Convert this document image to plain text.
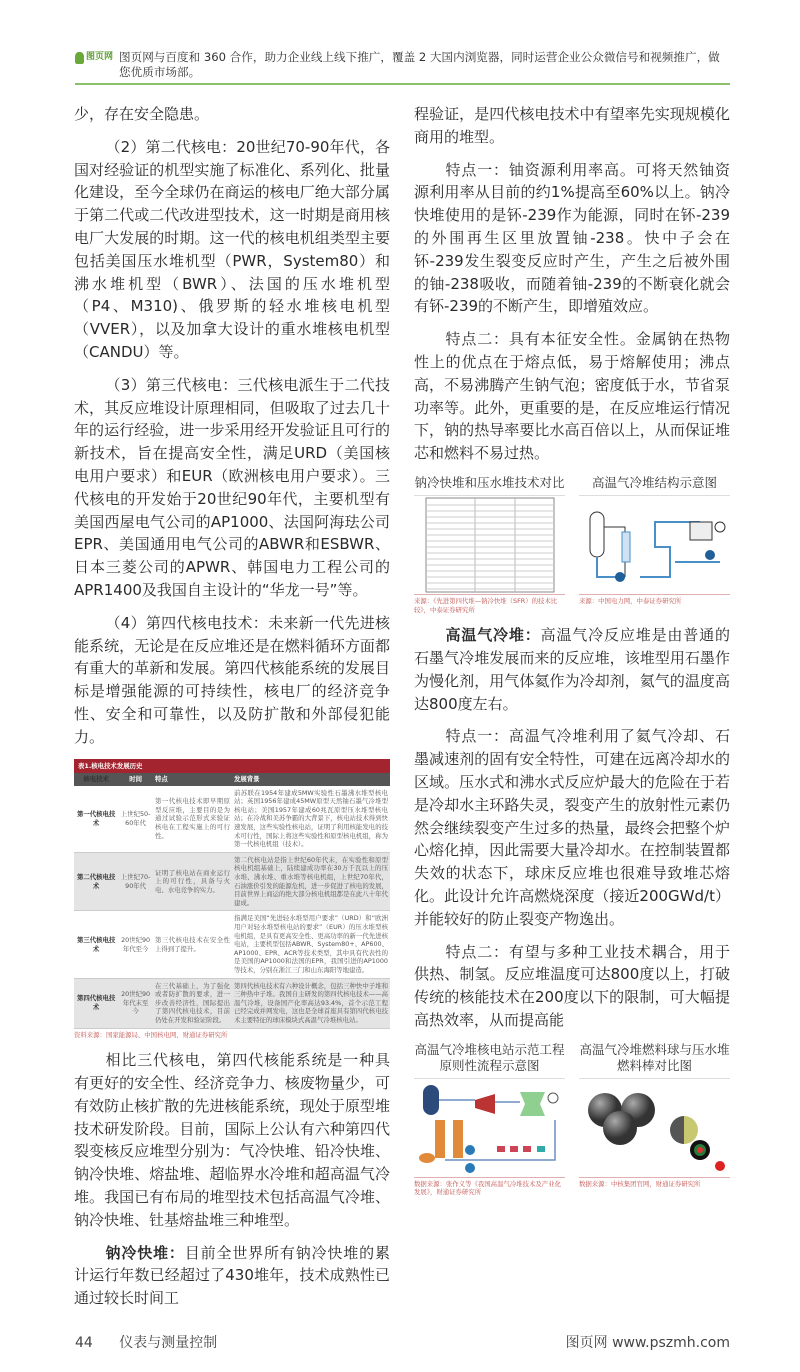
图页网 图页网与百度和 360 合作，助力企业线上线下推广，覆盖 2 大国内浏览器，同时运营企业公众微信号和视频推广，做您优质市场部。

少，存在安全隐患。

（2）第二代核电：20世纪70-90年代，各国对经验证的机型实施了标准化、系列化、批量化建设，至今全球仍在商运的核电厂绝大部分属于第二代或二代改进型技术，这一时期是商用核电厂大发展的时期。这一代的核电机组类型主要包括美国压水堆机型（PWR，System80）和沸水堆机型（BWR）、法国的压水堆机型（P4、M310)、俄罗斯的轻水堆核电机型（VVER），以及加拿大设计的重水堆核电机型（CANDU）等。

（3）第三代核电：三代核电派生于二代技术，其反应堆设计原理相同，但吸取了过去几十年的运行经验，进一步采用经开发验证且可行的新技术，旨在提高安全性，满足URD（美国核电用户要求）和EUR（欧洲核电用户要求）。三代核电的开发始于20世纪90年代，主要机型有美国西屋电气公司的AP1000、法国阿海珐公司EPR、美国通用电气公司的ABWR和ESBWR、日本三菱公司的APWR、韩国电力工程公司的APR1400及我国自主设计的“华龙一号”等。

（4）第四代核电技术：未来新一代先进核能系统，无论是在反应堆还是在燃料循环方面都有重大的革新和发展。第四代核能系统的发展目标是增强能源的可持续性，核电厂的经济竞争性、安全和可靠性，以及防扩散和外部侵犯能力。

表1.核电技术发展历史
核电技术	时间	特点	发展背景
第一代核电技术	上世纪50-60年代	第一代核电技术即早期原型反应堆，主要目的是为通过试验示范形式来验证核电在工程实施上的可行性。	前苏联在1954年建成5MW实验性石墨沸水堆型核电站；英国1956年建成45MW原型天然铀石墨气冷堆型核电站；美国1957年建成60兆瓦原型压水堆型核电站；在冷战和美苏争霸的大背景下，核电站技术得到快速发展，这些实验性核电站，证明了利用核能发电的技术可行性，国际上将这些实验性和原型核电机组，称为第一代核电机组（技术）。
第二代核电技术	上世纪70-90年代	证明了核电站在商业运行上的可行性，具备与火电、水电竞争的实力。	第二代核电站是指上世纪60年代末，在实验性和原型核电机组基础上，陆续建成功率在30万千瓦以上的压水堆、沸水堆、重水堆等核电机组，上世纪70年代，石油涨价引发的能源危机，进一步促进了核电的发展，目前世界上商运的绝大部分核电机组都是在此八十年代建成。
第三代核电技术	20世纪90年代至今	第三代核电技术在安全性上得到了提升。	指满足美国“先进轻水堆型用户要求”（URD）和“欧洲用户对轻水堆型核电站的要求”（EUR）的压水堆型核电机组，是具有更高安全性、更高功率的新一代先进核电站，主要机型包括ABWR、System80+、AP600、AP1000、EPR、ACR等技术类型，其中具有代表性的是美国的AP1000和法国的EPR，我国引进的AP1000等技术，分别在浙江三门和山东海阳等地建造。
第四代核电技术	20世纪90年代末至今	在三代基础上，为了强化或者防扩散的要求，进一步改善经济性，国际提出了第四代核电技术，目前仍处在开发和验证阶段。	第四代核电技术有六种设计概念，包括三种快中子堆和三种热中子堆。我国自主研发的第四代核电技术——高温气冷堆，设备国产化率高达93.4%，首个示范工程已经完成并网发电，这也是全球首座具有第四代核电技术主要特征的球床模块式高温气冷堆核电站。
资料来源：国家能源局、中国核电网、财通证券研究所

相比三代核电，第四代核能系统是一种具有更好的安全性、经济竞争力、核废物量少，可有效防止核扩散的先进核能系统，现处于原型堆技术研发阶段。目前，国际上公认有六种第四代裂变核反应堆型分别为：气冷快堆、铅冷快堆、钠冷快堆、熔盐堆、超临界水冷堆和超高温气冷堆。我国已有布局的堆型技术包括高温气冷堆、钠冷快堆、钍基熔盐堆三种堆型。

钠冷快堆：目前全世界所有钠冷快堆的累计运行年数已经超过了430堆年，技术成熟性已通过较长时间工

程验证，是四代核电技术中有望率先实现规模化商用的堆型。

特点一：铀资源利用率高。可将天然铀资源利用率从目前的约1%提高至60%以上。钠冷快堆使用的是钚-239作为能源，同时在钚-239的外围再生区里放置铀-238。快中子会在钚-239发生裂变反应时产生，产生之后被外围的铀-238吸收，而随着铀-239的不断衰化就会有钚-239的不断产生，即增殖效应。

特点二：具有本征安全性。金属钠在热物性上的优点在于熔点低，易于熔解使用；沸点高，不易沸腾产生钠气泡；密度低于水，节省泵功率等。此外，更重要的是，在反应堆运行情况下，钠的热导率要比水高百倍以上，从而保证堆芯和燃料不易过热。

钠冷快堆和压水堆技术对比
来源：《先进第四代堆—钠冷快堆（SFR）的技术比较》，中泰证券研究所
高温气冷堆结构示意图
来源：中国电力网，中泰证券研究所

高温气冷堆：高温气冷反应堆是由普通的石墨气冷堆发展而来的反应堆，该堆型用石墨作为慢化剂，用气体氦作为冷却剂，氦气的温度高达800度左右。

特点一：高温气冷堆利用了氦气冷却、石墨减速剂的固有安全特性，可建在远离冷却水的区域。压水式和沸水式反应炉最大的危险在于若是冷却水主环路失灵，裂变产生的放射性元素仍然会继续裂变产生过多的热量，最终会把整个炉心熔化掉，因此需要大量冷却水。在控制装置都失效的状态下，球床反应堆也很难导致堆芯熔化。此设计允许高燃烧深度（接近200GWd/t）并能较好的防止裂变产物逸出。

特点二：有望与多种工业技术耦合，用于供热、制氢。反应堆温度可达800度以上，打破传统的核能技术在200度以下的限制，可大幅提高热效率，从而提高能

高温气冷堆核电站示范工程原则性流程示意图
数据来源：张作义等《我国高温气冷堆技术及产业化发展》，财通证券研究所
高温气冷堆燃料球与压水堆燃料棒对比图
数据来源：中核集团官网，财通证券研究所
44 仪表与测量控制	图页网 www.pszmh.com
